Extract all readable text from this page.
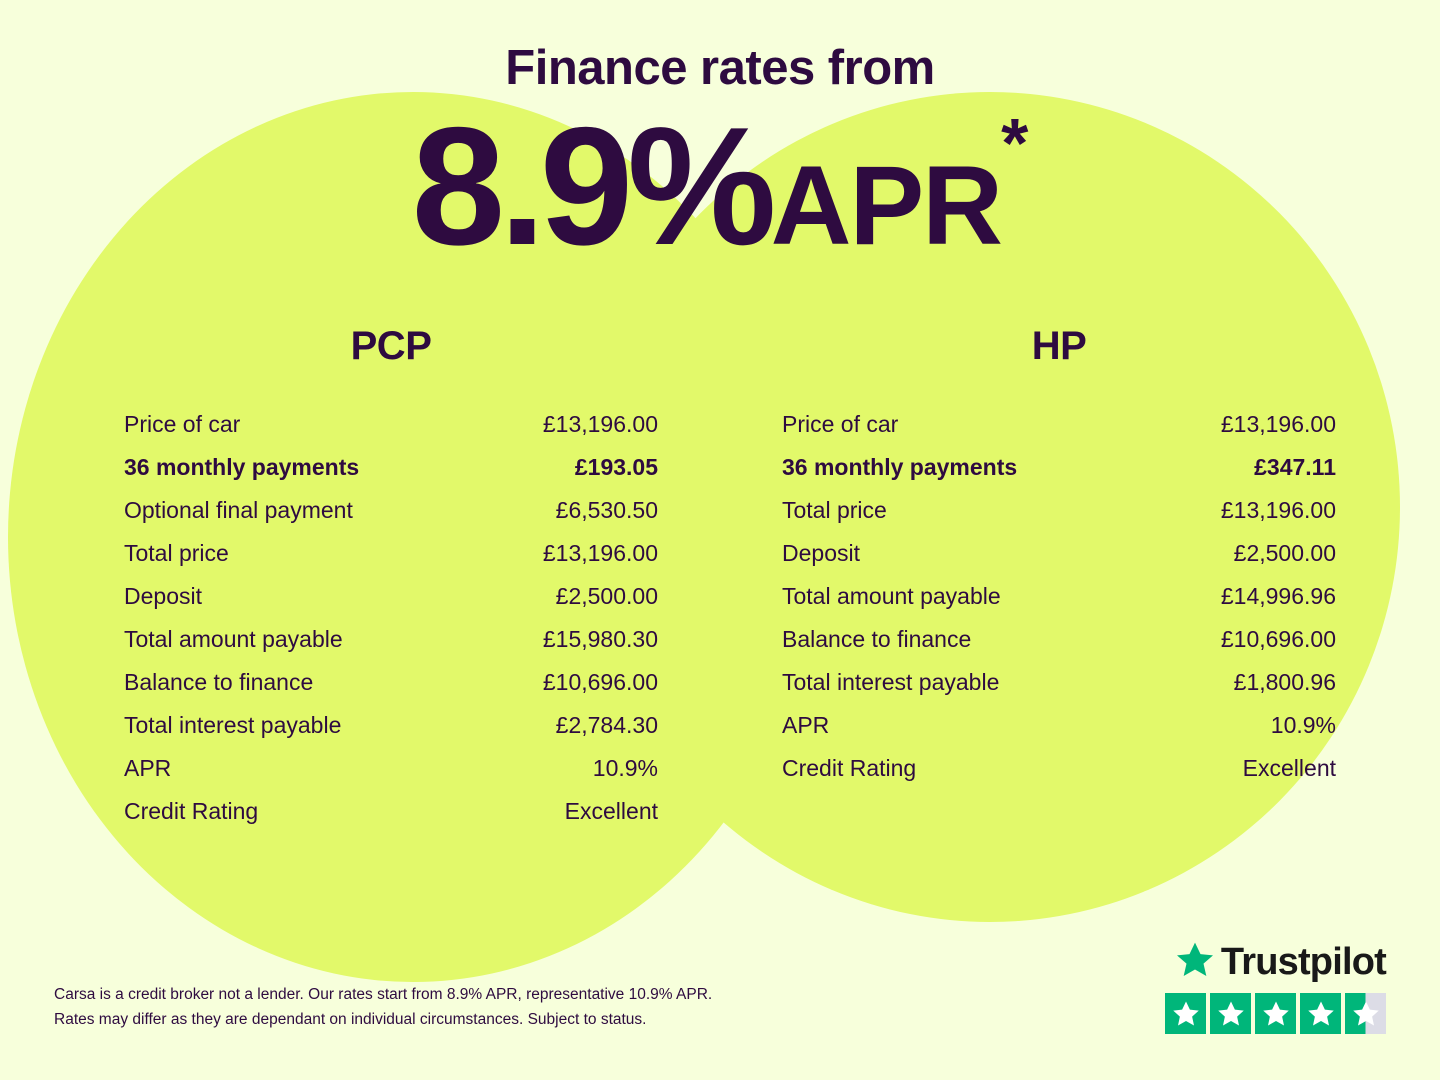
Finance rates from
8.9%APR*
PCP
Price of car	£13,196.00
36 monthly payments	£193.05
Optional final payment	£6,530.50
Total price	£13,196.00
Deposit	£2,500.00
Total amount payable	£15,980.30
Balance to finance	£10,696.00
Total interest payable	£2,784.30
APR	10.9%
Credit Rating	Excellent
HP
Price of car	£13,196.00
36 monthly payments	£347.11
Total price	£13,196.00
Deposit	£2,500.00
Total amount payable	£14,996.96
Balance to finance	£10,696.00
Total interest payable	£1,800.96
APR	10.9%
Credit Rating	Excellent
Carsa is a credit broker not a lender. Our rates start from 8.9% APR, representative 10.9% APR.
Rates may differ as they are dependant on individual circumstances. Subject to status.
Trustpilot
